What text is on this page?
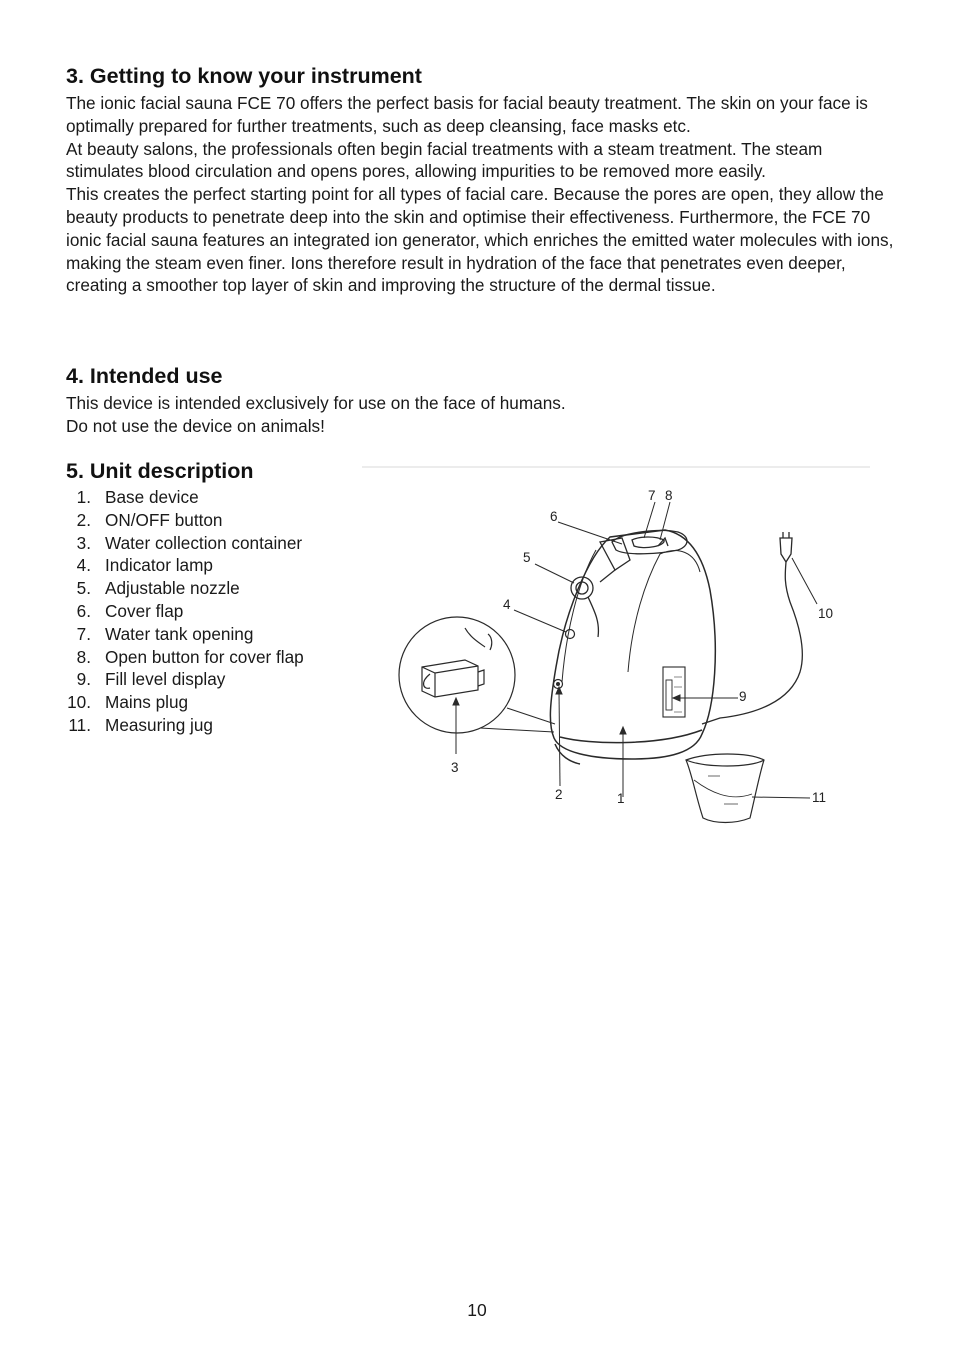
3. Getting to know your instrument

The ionic facial sauna FCE 70 offers the perfect basis for facial beauty treatment. The skin on your face is optimally prepared for further treatments, such as deep cleansing, face masks etc.

At beauty salons, the professionals often begin facial treatments with a steam treatment. The steam stimulates blood circulation and opens pores, allowing impurities to be removed more easily.

This creates the perfect starting point for all types of facial care. Because the pores are open, they allow the beauty products to penetrate deep into the skin and optimise their effectiveness. Furthermore, the FCE 70 ionic facial sauna features an integrated ion generator, which enriches the emitted water molecules with ions, making the steam even finer. Ions therefore result in hydration of the face that penetrates even deeper, creating a smoother top layer of skin and improving the structure of the dermal tissue.

4. Intended use

This device is intended exclusively for use on the face of humans.

Do not use the device on animals!

5. Unit description
1. Base device
2. ON/OFF button
3. Water collection container
4. Indicator lamp
5. Adjustable nozzle
6. Cover flap
7. Water tank opening
8. Open button for cover flap
9. Fill level display
10. Mains plug
11. Measuring jug
1
2
3
4
5
6
7 8
9
10
11
10
